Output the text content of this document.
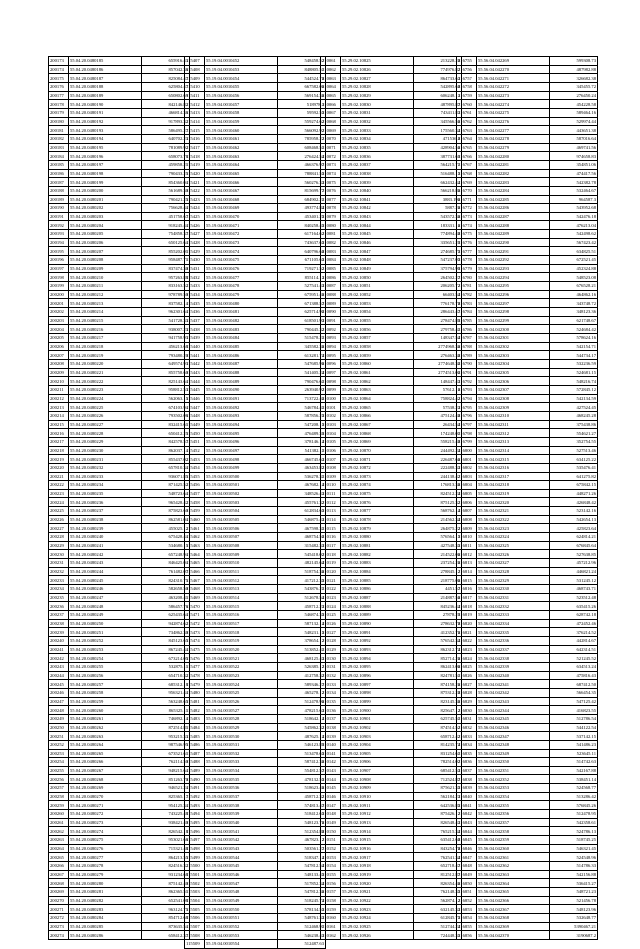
200173	55.04.20.0480185	655916.43
200174	55.04.20.0480186	857042.36
200175	55.04.20.0480187	825084.47
200176	55.04.20.0480188	625804.47
200177	55.04.20.0480189	650802.69
200178	55.04.20.0480190	842146.82
200179	55.04.20.0480191	466814.36
200180	55.04.20.0480192	917893.32
200181	55.04.20.0480193	586495.27
200182	55.04.20.0480194	640702.23
200183	55.04.20.0480195	781089.92
200184	55.04.20.0480196	658073.78
200185	55.04.20.0480197	459858.21
200186	55.04.20.0480198	790433.25
200187	55.04.20.0480199	854360.04
200188	55.04.20.0480200	561689.30
200189	55.04.20.0480201	790421.25
200190	55.04.20.0480202	756628.44
200191	55.04.20.0480203	451758.67
200192	55.04.20.0480204	918245.44
200193	55.04.20.0480205	754858.37
200194	55.04.20.0480206	650125.64
200195	55.04.20.0480207	855202.01
200196	55.04.20.0480208	958487.71
200197	55.04.20.0480209	837474.30
200198	55.04.20.0480210	957263.88
200199	55.04.20.0480211	833163.52
200200	55.04.20.0480212	978789.50
200201	55.04.20.0480213	837582.14
200202	55.04.20.0480214	962301.64
200203	55.04.20.0480215	541728.33
200204	55.04.20.0480216	938007.23
200205	55.04.20.0480217	941758.93
200206	55.04.20.0480218	456213.68
200207	55.04.20.0480219	793480.20
200208	55.04.20.0480220	649574.93
200209	55.04.20.0480221	855758.60
200210	55.04.20.0480222	825143.64
200211	55.04.20.0480223	958812.53
200212	55.04.20.0480224	562063.15
200213	55.04.20.0480225	674103.94
200214	55.04.20.0480226	793502.06
200215	55.04.20.0480227	832415.61
200216	55.04.20.0480228	650412.25
200217	55.04.20.0480229	842578.57
200218	55.04.20.0480230	862037.14
200219	55.04.20.0480231	855437.02
200220	55.04.20.0480232	657810.34
200221	55.04.20.0480233	936071.85
200222	55.04.20.0480234	871425.52
200223	55.04.20.0480235	548723.64
200224	55.04.20.0480236	965428.42
200225	55.04.20.0480237	875823.60
200226	55.04.20.0480238	862581.04
200227	55.04.20.0480239	455025.12
200228	55.04.20.0480240	675428.44
200229	55.04.20.0480241	534680.15
200230	55.04.20.0480242	657248.94
200231	55.04.20.0480243	846425.04
200232	55.04.20.0480244	761482.07
200233	55.04.20.0480245	824310.75
200234	55.04.20.0480246	582658.50
200235	55.04.20.0480247	463208.41
200236	55.04.20.0480248	586457.76
200237	55.04.20.0480249	625435.64
200238	55.04.20.0480250	942874.62
200239	55.04.20.0480251	734862.30
200240	55.04.20.0480252	845123.65
200241	55.04.20.0480253	867245.44
200242	55.04.20.0480254	673214.05
200243	55.04.20.0480255	532875.11
200244	55.04.20.0480256	654710.32
200245	55.04.20.0480257	685312.18
200246	55.04.20.0480258	956321.44
200247	55.04.20.0480259	563248.65
200248	55.04.20.0480260	865325.11
200249	55.04.20.0480261	746892.14
200250	55.04.20.0480262	872514.81
200251	55.04.20.0480263	953215.33
200252	55.04.20.0480264	987546.95
200253	55.04.20.0480265	673521.61
200254	55.04.20.0480266	762114.50
200255	55.04.20.0480267	948215.64
200256	55.04.20.0480268	851263.70
200257	55.04.20.0480269	946521.24
200258	55.04.20.0480270	825365.17
200259	55.04.20.0480271	954125.34
200260	55.04.20.0480272	743225.48
200261	55.04.20.0480273	938421.40
200262	55.04.20.0480274	826542.18
200263	55.04.20.0480275	953021.66
200264	55.04.20.0480276	715321.48
200265	55.04.20.0480277	864213.55
200266	55.04.20.0480278	824516.32
200267	55.04.20.0480279	931234.68
200268	55.04.20.0480280	875142.40
200269	55.04.20.0480281	862365.51
200270	55.04.20.0480282	652541.08
200271	55.04.20.0480283	963124.75
200272	55.04.20.0480284	854712.68
200273	55.04.20.0480285	873635.54
200274	55.04.20.0480286	658412.37
115407	55.19.04.0010452	548458.52
115408	55.19.04.0010453	848805.51
115409	55.19.04.0010454	544524.78
115410	55.19.04.0010455	667582.06
115411	55.19.04.0010456	569154.36
115412	55.19.04.0010457	518978.3
115413	55.19.04.0010458	59592.55
115414	55.19.04.0010459	559274.62
115415	55.19.04.0010460	566092.92
115416	55.19.04.0010461	785958.22
115417	55.19.04.0010462	608468.51
115418	55.19.04.0010463	276424.54
115419	55.19.04.0010464	466376.97
115420	55.19.04.0010465	788841.55
115421	55.19.04.0010466	560276.33
115422	55.19.04.0010467	815699.77
115423	55.19.04.0010468	684902.21
115424	55.19.04.0010469	493774.84
115425	55.19.04.0010470	453401.25
115426	55.19.04.0010471	840258.45
115427	55.19.04.0010472	617164.62
115428	55.19.04.0010473	743637.65
115429	55.19.04.0010474	640796.68
115430	55.19.04.0010475	671105.65
115431	55.19.04.0010476	719271.52
115432	55.19.04.0010477	855114.13
115433	55.19.04.0010478	527541.43
115434	55.19.04.0010479	675951.46
115435	55.19.04.0010480	671388.57
115436	55.19.04.0010481	625714.90
115437	55.19.04.0010482	618501.93
115438	55.19.04.0010483	790445.32
115439	55.19.04.0010484	515478.21
115440	55.19.04.0010485	345582.36
115441	55.19.04.0010486	613281.74
115442	55.19.04.0010487	547685.96
115443	55.19.04.0010488	541405.24
115444	55.19.04.0010489	790476.61
115445	55.19.04.0010490	263940.92
115446	55.19.04.0010491	713722.40
115447	55.19.04.0010492	546784.41
115448	55.19.04.0010493	587856.25
115449	55.19.04.0010494	547208.15
115450	55.19.04.0010495	476489.39
115451	55.19.04.0010496	378146.14
115452	55.19.04.0010497	541382.11
115453	55.19.04.0010498	466745.63
115454	55.19.04.0010499	463453.82
115455	55.19.04.0010500	536278.31
115456	55.19.04.0010501	467682.14
115457	55.19.04.0010502	348526.43
115458	55.19.04.0010503	455761.32
115459	55.19.04.0010504	612834.65
115460	55.19.04.0010505	546875.43
115461	55.19.04.0010506	467598.31
115462	55.19.04.0010507	468754.50
115463	55.19.04.0010508	315482.33
115464	55.19.04.0010509	545418.02
115465	55.19.04.0010510	482145.64
115466	55.19.04.0010511	518754.36
115467	55.19.04.0010512	417212.35
115468	55.19.04.0010513	543876.21
115469	55.19.04.0010514	512678.54
115470	55.19.04.0010515	458712.23
115471	55.19.04.0010516	546874.35
115472	55.19.04.0010517	587132.14
115473	55.19.04.0010518	548231.15
115474	55.19.04.0010519	378654.12
115475	55.19.04.0010520	513852.41
115476	55.19.04.0010521	468125.43
115477	55.19.04.0010522	526385.12
115478	55.19.04.0010523	412758.32
115479	55.19.04.0010524	589346.27
115480	55.19.04.0010525	465278.12
115481	55.19.04.0010526	512478.96
115482	55.19.04.0010527	478215.63
115483	55.19.04.0010528	518642.14
115484	55.19.04.0010529	545862.32
115485	55.19.04.0010530	487625.14
115486	55.19.04.0010531	546123.89
115487	55.19.04.0010532	513478.65
115488	55.19.04.0010533	587412.36
115489	55.19.04.0010534	554812.57
115490	55.19.04.0010535	478132.55
115491	55.19.04.0010536	518623.46
115492	55.19.04.0010537	458712.32
115493	55.19.04.0010538	574813.47
115494	55.19.04.0010539	518412.65
115495	55.19.04.0010540	548123.76
115496	55.19.04.0010541	512354.88
115497	55.19.04.0010542	467823.12
115498	55.19.04.0010543	503561.27
115499	55.19.04.0010544	518347.14
115500	55.19.04.0010545	547812.54
115501	55.19.04.0010546	548133.45
115502	55.19.04.0010547	517852.34
115503	55.19.04.0010548	547812.36
115504	55.19.04.0010549	518245.74
115505	55.19.04.0010550	578134.55
115506	55.19.04.0010551	548761.33
115507	55.19.04.0010552	512468.91
115508	55.19.04.0010553	546238.43
115509	55.19.04.0010554	512487.63
210061	55.29.02.10825	213228.28
210062	55.29.02.10826	774976.82
210063	55.29.02.10827	864733.63
210064	55.29.02.10828	542895.68
210065	55.29.02.10829	606248.13
210066	55.29.02.10830	487895.87
210067	55.29.02.10831	743411.83
210068	55.29.02.10832	345566.56
210069	55.29.02.10833	175560.34
210070	55.29.02.10834	471536.8
210071	55.29.02.10835	428904.56
210072	55.29.02.10836	387731.69
210073	55.29.02.10837	564215.71
210074	55.29.02.10838	516488.15
210075	55.29.02.10839	662432.44
210076	55.29.02.10840	566218.86
210077	55.29.02.10841	3883.196
210078	55.29.02.10842	5887.26
210079	55.29.02.10843	543572.36
210080	55.29.02.10844	183331.16
210081	55.29.02.10845	774894.48
210082	55.29.02.10846	335651.29
210083	55.29.02.10847	274685.75
210084	55.29.02.10848	547237.05
210085	55.29.02.10849	375794.99
210086	55.29.02.10850	264502.27
210087	55.29.02.10851	206205.72
210088	55.29.02.10852	66403.54
210089	55.29.02.10853	776178.78
210090	55.29.02.10854	286443.47
210091	55.29.02.10855	278474.89
210092	55.29.02.10856	279758.41
210093	55.29.02.10857	148347.54
210094	55.29.02.10858	2774968.36
210095	55.29.02.10859	276463.38
210096	55.29.02.10860	2774648.30
210097	55.29.02.10861	2774513.00
210098	55.29.02.10862	148447.43
210099	55.29.02.10863	57612.16
210100	55.29.02.10864	758824.42
210101	55.29.02.10865	57538.23
210102	55.29.02.10866	475124.48
210103	55.29.02.10867	26434.54
210104	55.29.02.10868	174248.01
210105	55.29.02.10869	558215.48
210106	55.29.02.10870	244492.24
210107	55.29.02.10871	226487.66
210108	55.29.02.10872	222488.33
210109	55.29.02.10873	244138.42
210110	55.29.02.10874	176813.36
210111	55.29.02.10875	824512.24
210112	55.29.02.10876	875125.32
210113	55.29.02.10877	568762.14
210114	55.29.02.10878	214562.34
210115	55.29.02.10879	264875.22
210116	55.29.02.10880	576564.15
210117	55.29.02.10881	427548.35
210118	55.29.02.10882	214522.06
210119	55.29.02.10883	237254.26
210120	55.29.02.10884	278845.12
210121	55.29.02.10885	218775.06
210122	55.29.02.10886	4451.57
210123	55.29.02.10887	214887.56
210124	55.29.02.10888	845236.44
210125	55.29.02.10889	27878.29
210126	55.29.02.10890	278632.78
210127	55.29.02.10891	412352.76
210128	55.29.02.10892	576542.34
210129	55.29.02.10893	862312.74
210130	55.29.02.10894	852714.26
210131	55.29.02.10895	862413.06
210132	55.29.02.10896	824781.51
210133	55.29.02.10897	874158.26
210134	55.29.02.10898	875312.28
210135	55.29.02.10899	823145.36
210136	55.29.02.10900	825647.12
210137	55.29.02.10901	625745.51
210138	55.29.02.10902	874514.52
210139	55.29.02.10903	658712.42
210140	55.29.02.10904	814235.74
210141	55.29.02.10905	831254.61
210142	55.29.02.10906	782514.02
210143	55.29.02.10907	685412.53
210144	55.29.02.10908	712524.87
210145	55.29.02.10909	875621.35
210146	55.29.02.10910	562184.23
210147	55.29.02.10911	642536.85
210148	55.29.02.10912	875426.12
210149	55.29.02.10913	826548.43
210150	55.29.02.10914	765215.34
210151	55.29.02.10915	635412.68
210152	55.29.02.10916	843254.78
210153	55.29.02.10917	762541.34
210154	55.29.02.10918	652718.47
210155	55.29.02.10919	812512.87
210156	55.29.02.10920	826354.46
210157	55.29.02.10921	762148.35
210158	55.29.02.10922	562874.12
210159	55.29.02.10923	632145.33
210160	55.29.02.10924	612845.75
210161	55.29.02.10925	512744.24
210162	55.29.02.10926	724448.35
216755	55.56.04.042269	599308.73
216756	55.56.04.042270	487982.88
216757	55.56.04.042271	326682.38
216758	55.56.04.042272	345455.72
216759	55.56.04.042273	276450.24
216760	55.56.04.042274	454228.58
216761	55.56.04.042275	589464.16
216762	55.56.04.042276	529974.44
216763	55.56.04.042277	443651.38
216764	55.56.04.042278	587016.64
216765	55.56.04.042279	469741.56
216766	55.56.04.042280	974658.83
216767	55.56.04.042281	354851.06
216768	55.56.04.042282	474417.56
216769	55.56.04.042283	542382.78
216770	55.56.04.042284	532464.67
216771	55.56.04.042285	964587.3
216772	55.56.04.042286	543952.68
216773	55.56.04.042287	542476.18
216774	55.56.04.042288	476213.04
216775	55.56.04.042289	542498.62
216776	55.56.04.042290	567423.42
216777	55.56.04.042291	634825.51
216778	55.56.04.042292	672521.45
216779	55.56.04.042293	452324.88
216780	55.56.04.042294	548523.08
216781	55.56.04.042295	676528.21
216782	55.56.04.042296	464862.16
216783	55.56.04.042297	343748.72
216784	55.56.04.042298	348123.36
216785	55.56.04.042299	621748.67
216786	55.56.04.042300	524684.42
216787	55.56.04.042301	578624.16
216788	55.56.04.042302	542154.71
216789	55.56.04.042303	544734.17
216790	55.56.04.042304	532236.59
216791	55.56.04.042305	524681.15
216792	55.56.04.042306	548216.74
216793	55.56.04.042307	572845.12
216794	55.56.04.042308	542134.59
216795	55.56.04.042309	427524.45
216796	55.56.04.042310	468245.28
216797	55.56.04.042311	375438.86
216798	55.56.04.042312	554621.27
216799	55.56.04.042313	352754.55
216800	55.56.04.042314	527513.46
216801	55.56.04.042315	634125.22
216802	55.56.04.042316	535476.41
216803	55.56.04.042317	641275.82
216804	55.56.04.042318	675842.15
216805	55.56.04.042319	448271.26
216806	55.56.04.042320	426848.42
216807	55.56.04.042321	523142.16
216808	55.56.04.042322	542654.13
216809	55.56.04.042323	425823.64
216810	55.56.04.042324	624814.21
216811	55.56.04.042325	676845.64
216812	55.56.04.042326	527638.85
216813	55.56.04.042327	457212.96
216814	55.56.04.042328	446821.24
216815	55.56.04.042329	531245.12
216816	55.56.04.042330	468743.71
216817	55.56.04.042331	523512.48
216818	55.56.04.042332	635415.26
216819	55.56.04.042333	628742.18
216820	55.56.04.042334	472452.46
216821	55.56.04.042335	376214.52
216822	55.56.04.042336	442814.67
216823	55.56.04.042337	642314.51
216824	55.56.04.042338	521245.52
216825	55.56.04.042339	634513.24
216826	55.56.04.042340	475816.43
216827	55.56.04.042341	687412.50
216828	55.56.04.042342	566454.35
216829	55.56.04.042343	547125.42
216830	55.56.04.042344	416823.55
216831	55.56.04.042345	512786.54
216832	55.56.04.042346	544122.54
216833	55.56.04.042347	537142.15
216834	55.56.04.042348	541486.23
216835	55.56.04.042349	523645.11
216836	55.56.04.042350	514742.63
216837	55.56.04.042351	542167.88
216838	55.56.04.042352	538451.14
216839	55.56.04.042353	524568.77
216840	55.56.04.042354	513286.42
216841	55.56.04.042355	576845.26
216842	55.56.04.042356	512478.95
216843	55.56.04.042357	542358.61
216844	55.56.04.042358	524786.13
216845	55.56.04.042359	518745.25
216846	55.56.04.042360	546321.45
216847	55.56.04.042361	524548.96
216848	55.56.04.042362	514786.33
216849	55.56.04.042363	542156.88
216850	55.56.04.042364	536415.27
216851	55.56.04.042365	548721.23
216852	55.56.04.042366	521456.78
216853	55.56.04.042367	548123.96
216854	55.56.04.042368	532648.77
216855	55.56.04.042369	5390467.21
216856	55.56.04.042370	3190687.2
